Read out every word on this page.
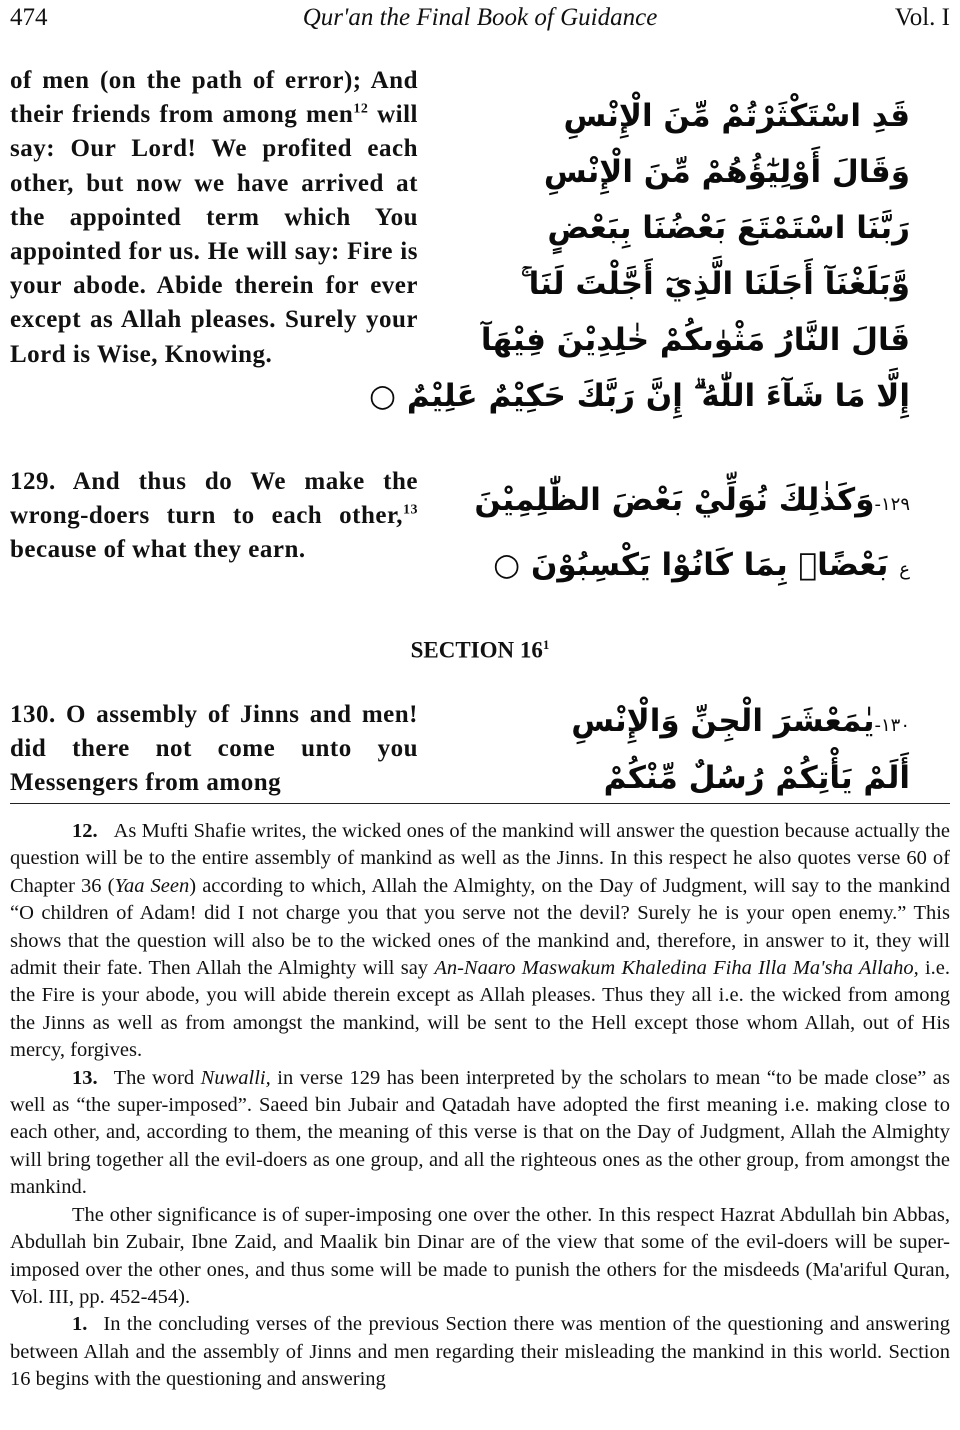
474	Qur'an the Final Book of Guidance	Vol. I
of men (on the path of error); And their friends from among men$^{12}$ will say: Our Lord! We profited each other, but now we have arrived at the appointed term which You appointed for us. He will say: Fire is your abode. Abide therein for ever except as Allah pleases. Surely your Lord is Wise, Knowing.
قَدِ اسْتَكْثَرْتُمْ مِّنَ الْإِنْسِ
وَقَالَ أَوْلِيٰٓؤُهُمْ مِّنَ الْإِنْسِ
رَبَّنَا اسْتَمْتَعَ بَعْضُنَا بِبَعْضٍ
وَّبَلَغْنَآ أَجَلَنَا الَّذِيٓ أَجَّلْتَ لَنَا ۚ
قَالَ النَّارُ مَثْوٰىكُمْ خٰلِدِيْنَ فِيْهَآ
إِلَّا مَا شَآءَ اللّٰهُ ۗ إِنَّ رَبَّكَ حَكِيْمٌ عَلِيْمٌ ○
129. And thus do We make the wrong-doers turn to each other,$^{13}$ because of what they earn.
١٢٩-وَكَذٰلِكَ نُوَلِّيْ بَعْضَ الظّٰلِمِيْنَ
ع بَعْضًاۢ بِمَا كَانُوْا يَكْسِبُوْنَ ○
SECTION $16^1$
130. O assembly of Jinns and men! did there not come unto you Messengers from among
١٣٠-يٰمَعْشَرَ الْجِنِّ وَالْإِنْسِ
أَلَمْ يَأْتِكُمْ رُسُلٌ مِّنْكُمْ

12. As Mufti Shafie writes, the wicked ones of the mankind will answer the question because actually the question will be to the entire assembly of mankind as well as the Jinns. In this respect he also quotes verse 60 of Chapter 36 (Yaa Seen) according to which, Allah the Almighty, on the Day of Judgment, will say to the mankind “O children of Adam! did I not charge you that you serve not the devil? Surely he is your open enemy.” This shows that the question will also be to the wicked ones of the mankind and, therefore, in answer to it, they will admit their fate. Then Allah the Almighty will say An-Naaro Maswakum Khaledina Fiha Illa Ma'sha Allaho, i.e. the Fire is your abode, you will abide therein except as Allah pleases. Thus they all i.e. the wicked from among the Jinns as well as from amongst the mankind, will be sent to the Hell except those whom Allah, out of His mercy, forgives.

13. The word Nuwalli, in verse 129 has been interpreted by the scholars to mean “to be made close” as well as “the super-imposed”. Saeed bin Jubair and Qatadah have adopted the first meaning i.e. making close to each other, and, according to them, the meaning of this verse is that on the Day of Judgment, Allah the Almighty will bring together all the evil-doers as one group, and all the righteous ones as the other group, from amongst the mankind.

The other significance is of super-imposing one over the other. In this respect Hazrat Abdullah bin Abbas, Abdullah bin Zubair, Ibne Zaid, and Maalik bin Dinar are of the view that some of the evil-doers will be super-imposed over the other ones, and thus some will be made to punish the others for the misdeeds (Ma'ariful Quran, Vol. III, pp. 452-454).

1. In the concluding verses of the previous Section there was mention of the questioning and answering between Allah and the assembly of Jinns and men regarding their misleading the mankind in this world. Section 16 begins with the questioning and answering
